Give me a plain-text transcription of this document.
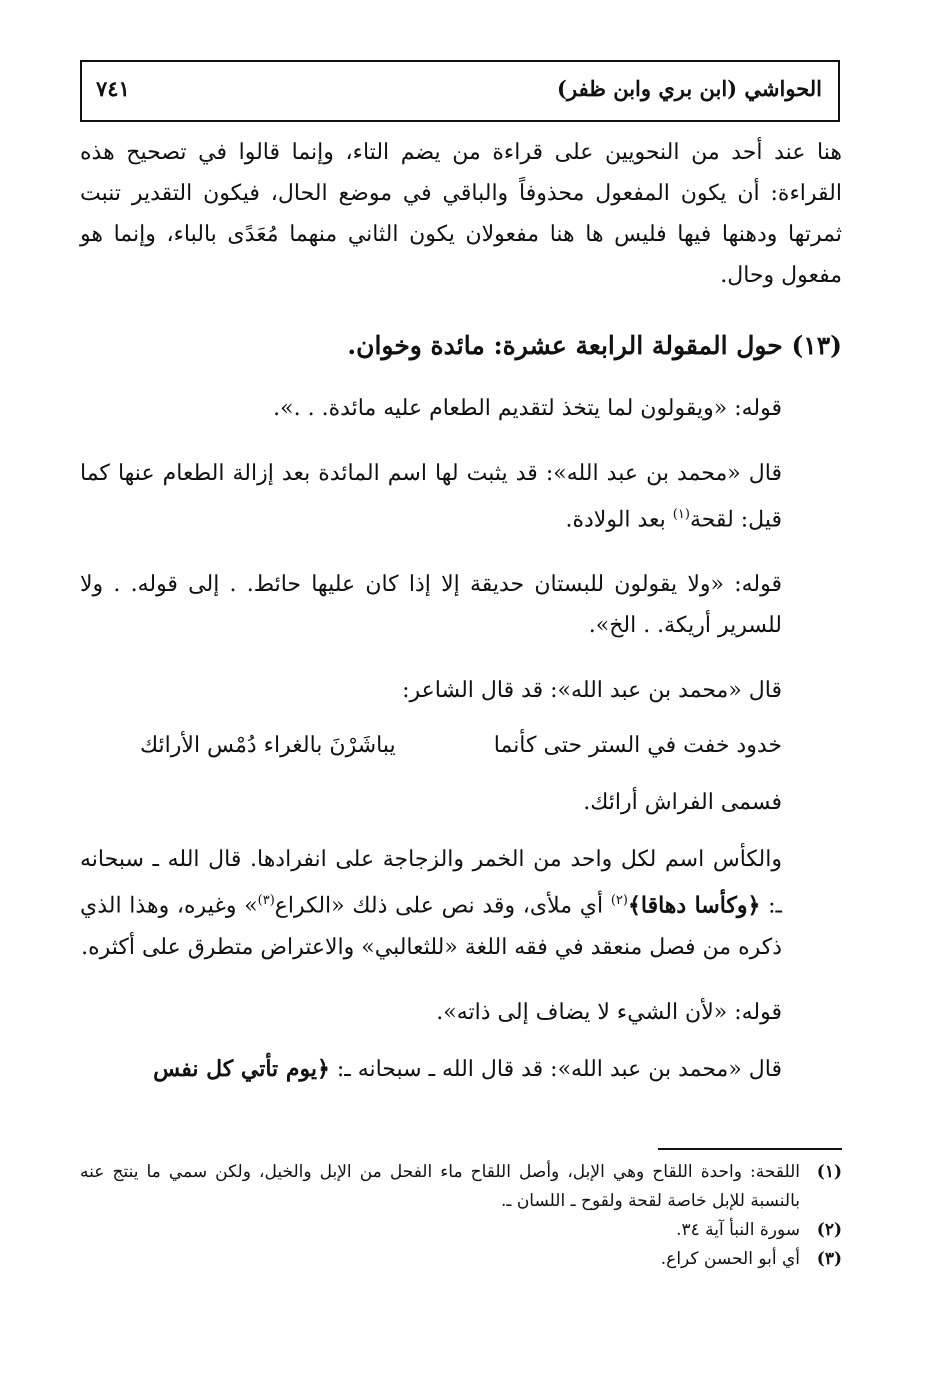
الحواشي (ابن بري وابن ظفر)
٧٤١

هنا عند أحد من النحويين على قراءة من يضم التاء، وإنما قالوا في تصحيح هذه القراءة: أن يكون المفعول محذوفاً والباقي في موضع الحال، فيكون التقدير تنبت ثمرتها ودهنها فيها فليس ها هنا مفعولان يكون الثاني منهما مُعَدًى بالباء، وإنما هو مفعول وحال.

(١٣) حول المقولة الرابعة عشرة: مائدة وخوان.

قوله: «ويقولون لما يتخذ لتقديم الطعام عليه مائدة. . .».

قال «محمد بن عبد الله»: قد يثبت لها اسم المائدة بعد إزالة الطعام عنها كما قيل: لقحة$^{(١)}$ بعد الولادة.

قوله: «ولا يقولون للبستان حديقة إلا إذا كان عليها حائط. . إلى قوله. . ولا للسرير أريكة. . الخ».

قال «محمد بن عبد الله»: قد قال الشاعر:

خدود خفت في الستر حتى كأنما
يباشَرْنَ بالغراء دُمْس الأرائك

فسمى الفراش أرائك.

والكأس اسم لكل واحد من الخمر والزجاجة على انفرادها. قال الله ـ سبحانه ـ: ﴿وكأسا دهاقا﴾$^{(٢)}$ أي ملأى، وقد نص على ذلك «الكراع$^{(٣)}$» وغيره، وهذا الذي ذكره من فصل منعقد في فقه اللغة «للثعالبي» والاعتراض متطرق على أكثره.

قوله: «لأن الشيء لا يضاف إلى ذاته».

قال «محمد بن عبد الله»: قد قال الله ـ سبحانه ـ: ﴿يوم تأتي كل نفس

(١)
اللقحة: واحدة اللقاح وهي الإبل، وأصل اللقاح ماء الفحل من الإبل والخيل، ولكن سمي ما ينتج عنه بالنسبة للإبل خاصة لقحة ولقوح ـ اللسان ـ.

(٢)
سورة النبأ آية ٣٤.

(٣)
أي أبو الحسن كراع.
